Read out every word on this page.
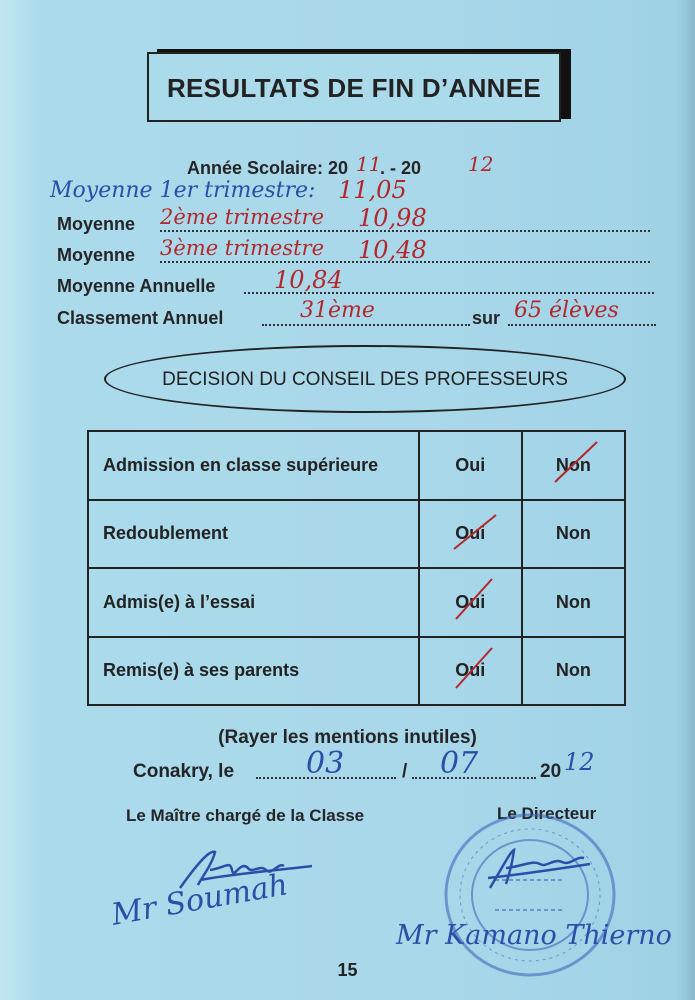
RESULTATS DE FIN D’ANNEE
Année Scolaire: 20 11
. - 20 12
Moyenne 1er trimestre: 11,05
Moyenne 2ème trimestre 10,98
Moyenne 3ème trimestre 10,48
Moyenne Annuelle 10,84
Classement Annuel	31ème	sur 65 élèves
DECISION DU CONSEIL DES PROFESSEURS
Admission en classe supérieure	Oui	Non

Redoublement	Oui	Non
Admis(e) à l’essai	Oui	Non
Remis(e) à ses parents	Oui	Non
(Rayer les mentions inutiles)
Conakry, le 03	/ 07	20 12
Le Maître chargé de la Classe	Le Directeur
Mr Soumah
Mr Kamano Thierno
15
